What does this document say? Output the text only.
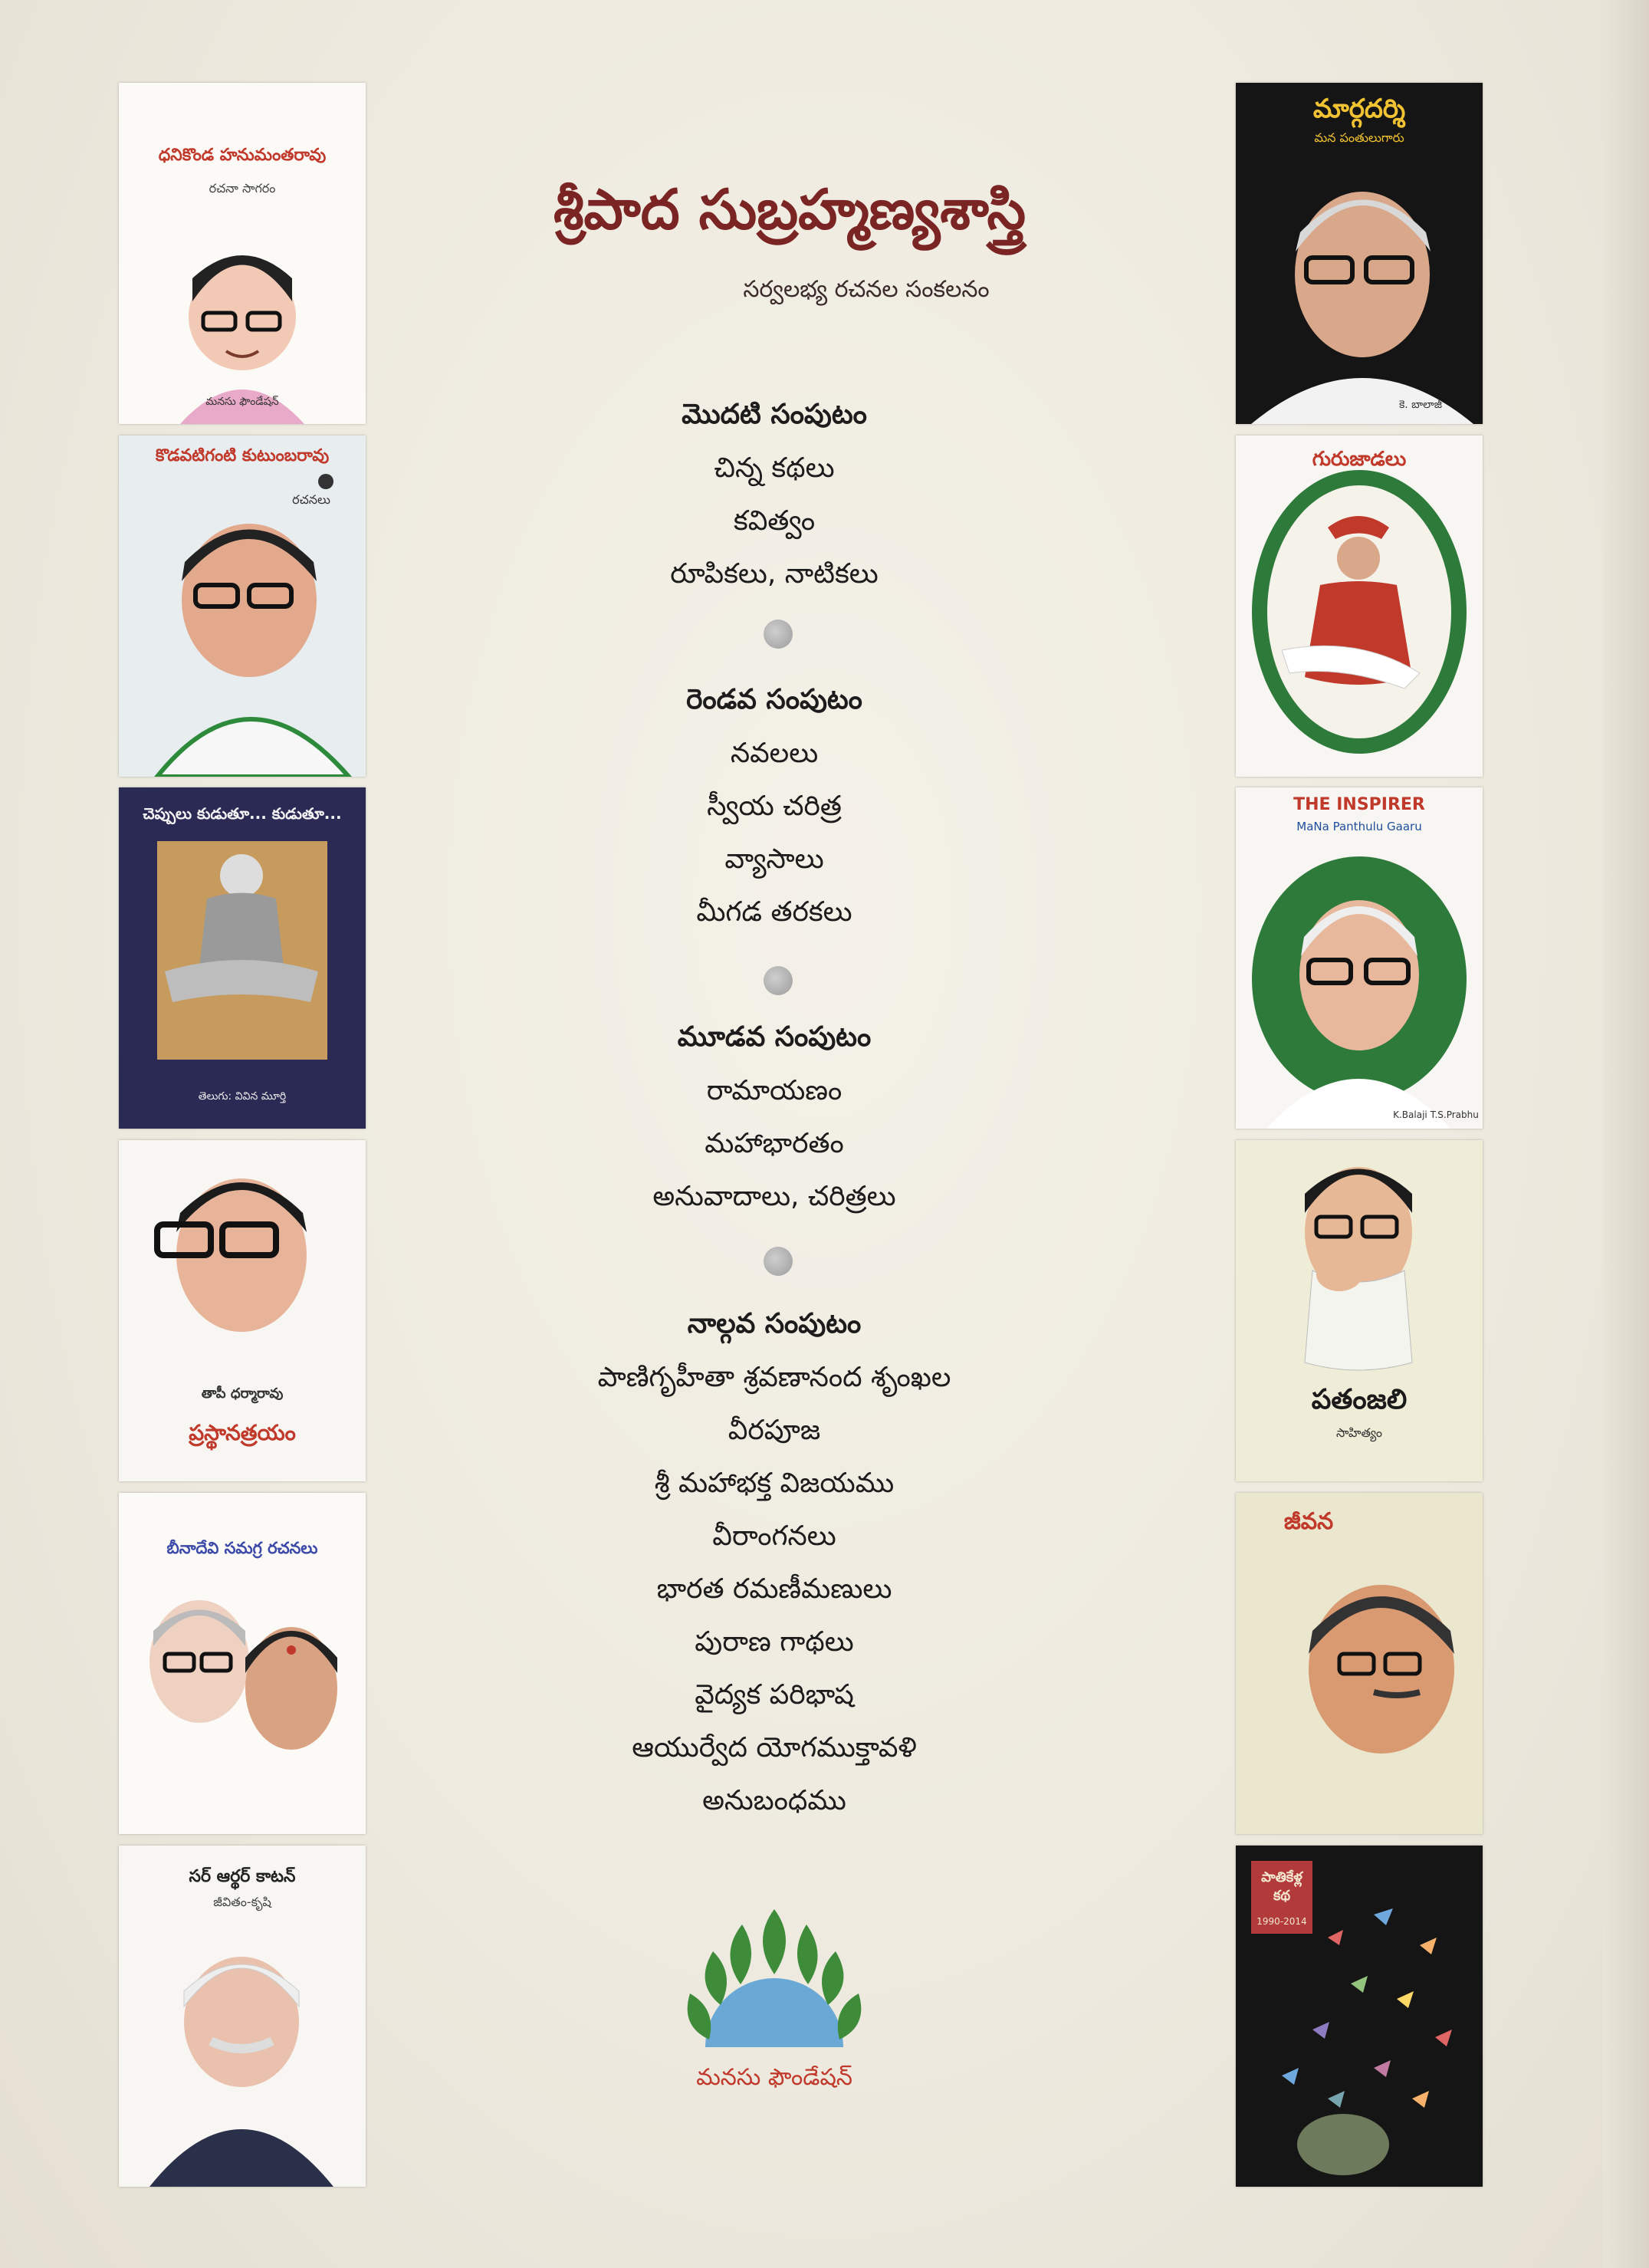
ధనికొండ హనుమంతరావు
రచనా సాగరం
మనసు ఫౌండేషన్
కొడవటిగంటి కుటుంబరావు
రచనలు
చెప్పులు కుడుతూ... కుడుతూ...
తెలుగు: వివిన మూర్తి
తాపీ ధర్మారావు
ప్రస్థానత్రయం
బీనాదేవి సమగ్ర రచనలు
సర్ ఆర్థర్ కాటన్
జీవితం-కృషి
శ్రీపాద సుబ్రహ్మణ్యశాస్త్రి
సర్వలభ్య రచనల సంకలనం
మొదటి సంపుటం
చిన్న కథలు
కవిత్వం
రూపికలు, నాటికలు
రెండవ సంపుటం
నవలలు
స్వీయ చరిత్ర
వ్యాసాలు
మీగడ తరకలు
మూడవ సంపుటం
రామాయణం
మహాభారతం
అనువాదాలు, చరిత్రలు
నాల్గవ సంపుటం
పాణిగృహీతా శ్రవణానంద శృంఖల
వీరపూజ
శ్రీ మహాభక్త విజయము
వీరాంగనలు
భారత రమణీమణులు
పురాణ గాథలు
వైద్యక పరిభాష
ఆయుర్వేద యోగముక్తావళి
అనుబంధము
మనసు ఫౌండేషన్
మార్గదర్శి
మన పంతులుగారు
కె. బాలాజీ
గురుజాడలు
THE INSPIRER
MaNa Panthulu Gaaru
K.Balaji T.S.Prabhu
పతంజలి
సాహిత్యం
జీవన
పాతికేళ్ల కథ
1990-2014
